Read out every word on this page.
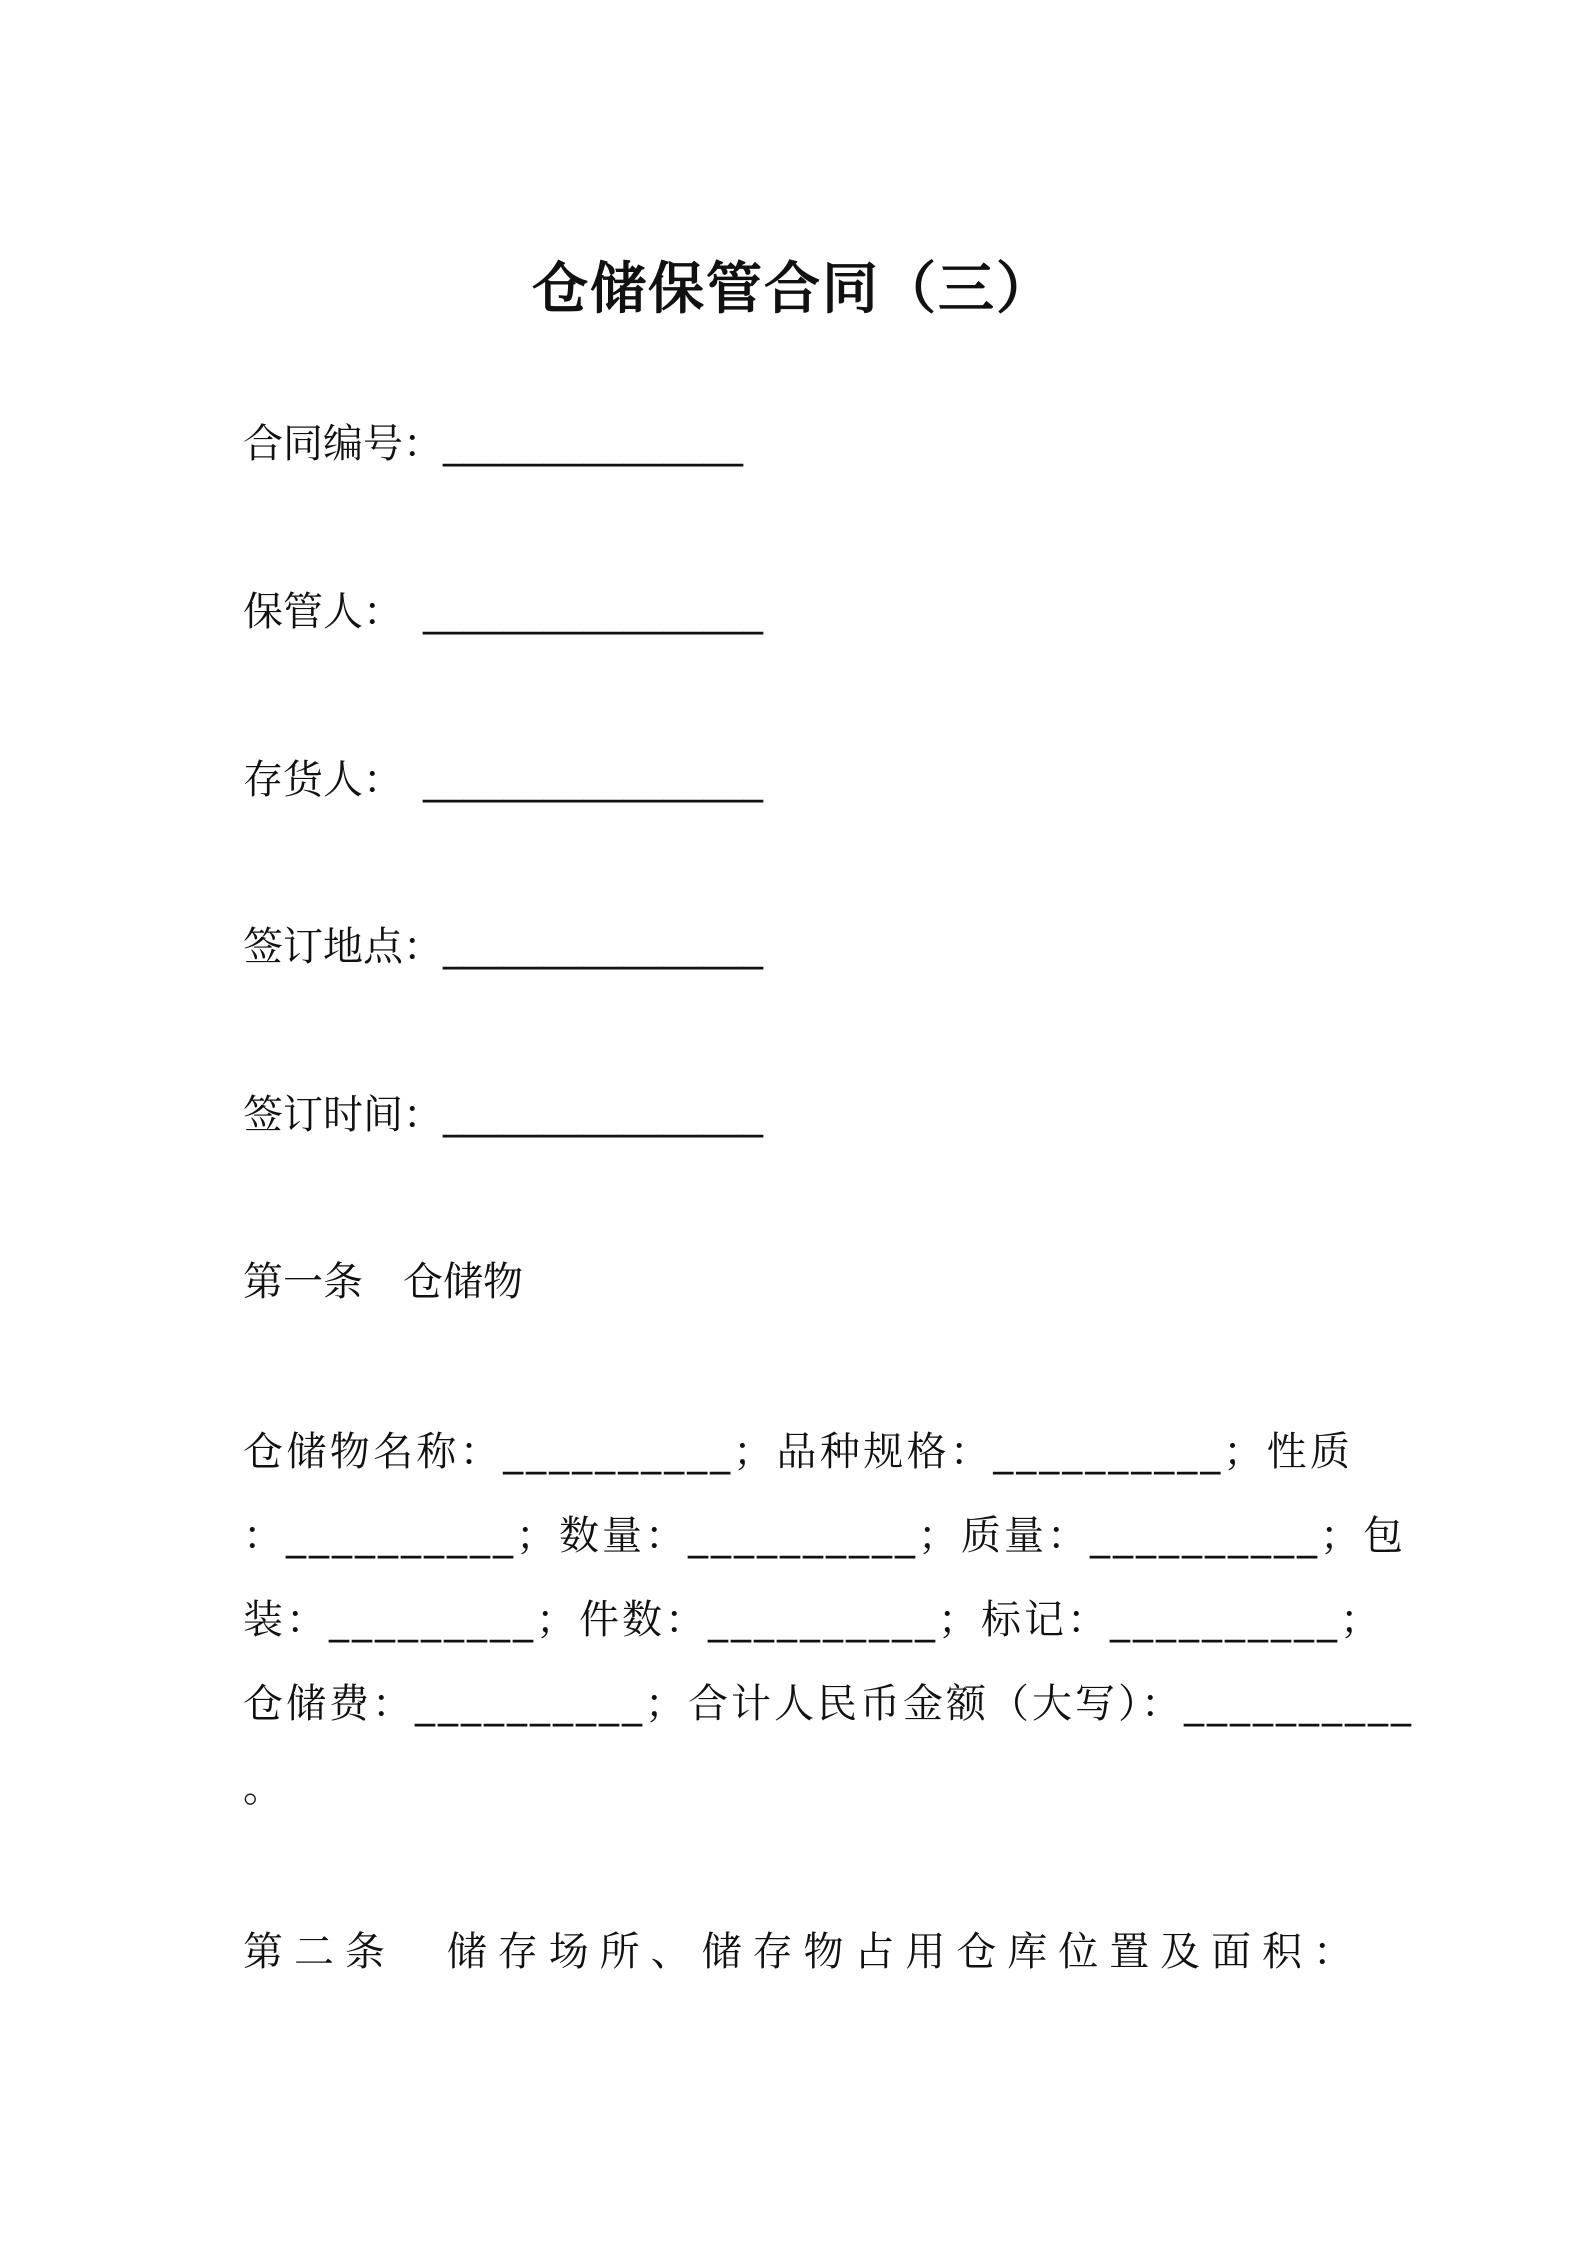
仓储保管合同（三）
合同编号：_______________
保管人： _________________
存货人： _________________
签订地点：________________
签订时间：________________
第一条　仓储物
仓储物名称：__________；品种规格：__________；性质
：__________；数量：__________；质量：__________；包
装：_________；件数：__________；标记：__________；
仓储费：__________；合计人民币金额（大写）：__________
。
第二条　储存场所、储存物占用仓库位置及面积：
